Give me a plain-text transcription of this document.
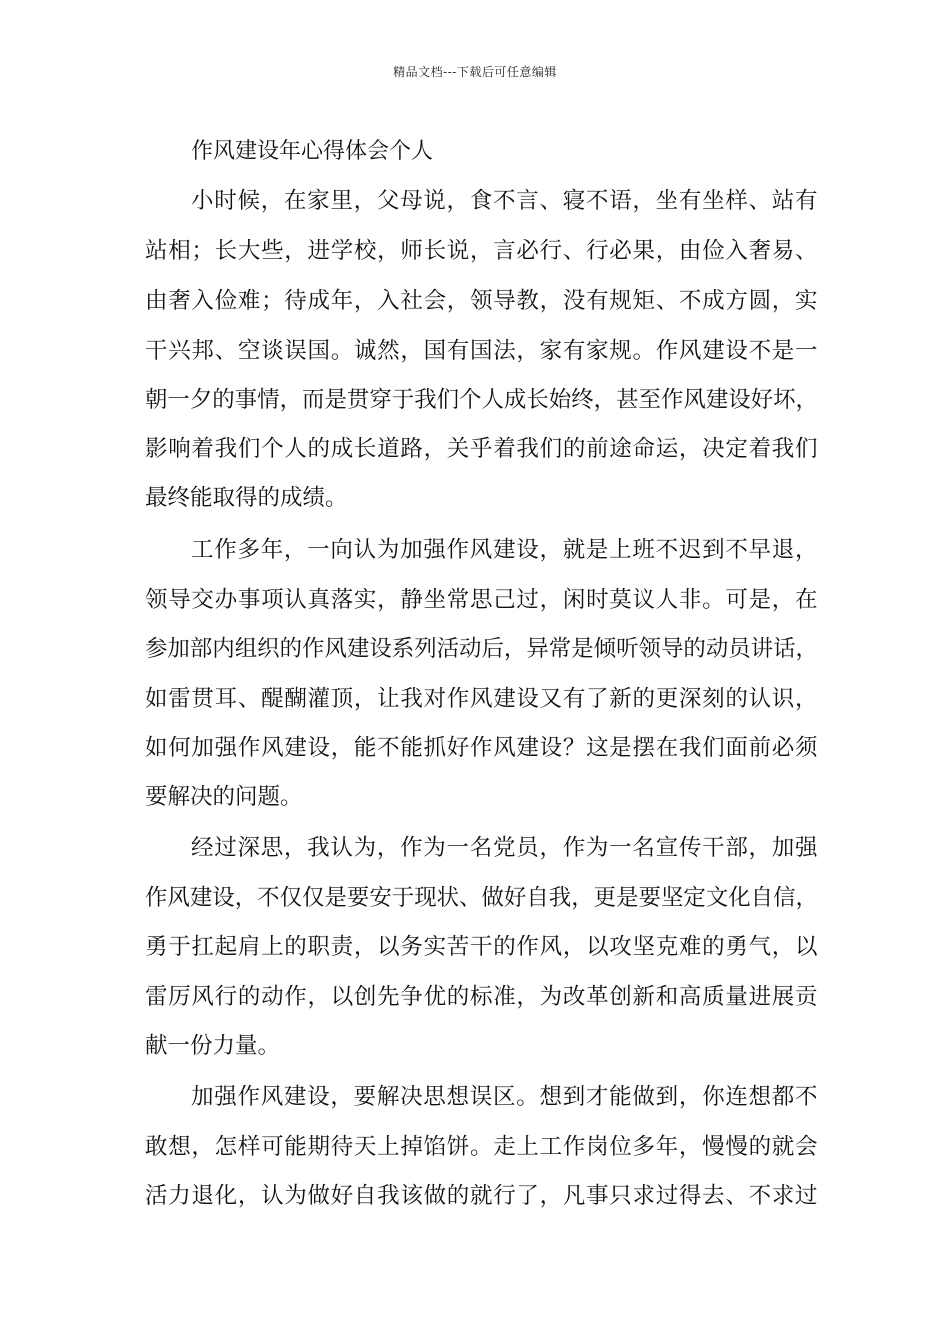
精品文档---下载后可任意编辑
作风建设年心得体会个人
小时候，在家里，父母说，食不言、寝不语，坐有坐样、站有
站相；长大些，进学校，师长说，言必行、行必果，由俭入奢易、
由奢入俭难；待成年，入社会，领导教，没有规矩、不成方圆，实
干兴邦、空谈误国。诚然，国有国法，家有家规。作风建设不是一
朝一夕的事情，而是贯穿于我们个人成长始终，甚至作风建设好坏，
影响着我们个人的成长道路，关乎着我们的前途命运，决定着我们
最终能取得的成绩。
工作多年，一向认为加强作风建设，就是上班不迟到不早退，
领导交办事项认真落实，静坐常思己过，闲时莫议人非。可是，在
参加部内组织的作风建设系列活动后，异常是倾听领导的动员讲话，
如雷贯耳、醍醐灌顶，让我对作风建设又有了新的更深刻的认识，
如何加强作风建设，能不能抓好作风建设？这是摆在我们面前必须
要解决的问题。
经过深思，我认为，作为一名党员，作为一名宣传干部，加强
作风建设，不仅仅是要安于现状、做好自我，更是要坚定文化自信，
勇于扛起肩上的职责，以务实苦干的作风，以攻坚克难的勇气，以
雷厉风行的动作，以创先争优的标准，为改革创新和高质量进展贡
献一份力量。
加强作风建设，要解决思想误区。想到才能做到，你连想都不
敢想，怎样可能期待天上掉馅饼。走上工作岗位多年，慢慢的就会
活力退化，认为做好自我该做的就行了，凡事只求过得去、不求过
